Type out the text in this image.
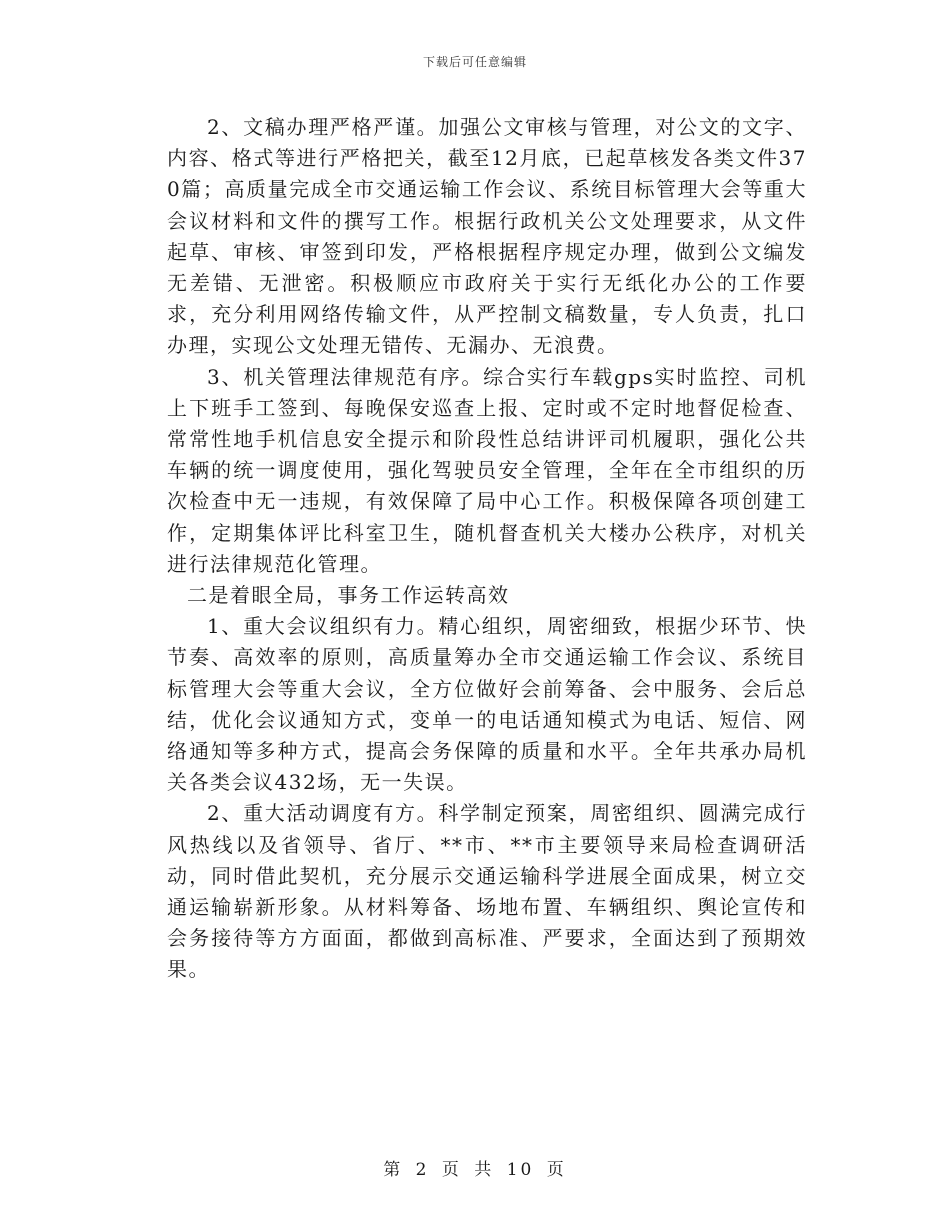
下载后可任意编辑

2、文稿办理严格严谨。加强公文审核与管理，对公文的文字、内容、格式等进行严格把关，截至12月底，已起草核发各类文件370篇；高质量完成全市交通运输工作会议、系统目标管理大会等重大会议材料和文件的撰写工作。根据行政机关公文处理要求，从文件起草、审核、审签到印发，严格根据程序规定办理，做到公文编发无差错、无泄密。积极顺应市政府关于实行无纸化办公的工作要求，充分利用网络传输文件，从严控制文稿数量，专人负责，扎口办理，实现公文处理无错传、无漏办、无浪费。

3、机关管理法律规范有序。综合实行车载gps实时监控、司机上下班手工签到、每晚保安巡查上报、定时或不定时地督促检查、常常性地手机信息安全提示和阶段性总结讲评司机履职，强化公共车辆的统一调度使用，强化驾驶员安全管理，全年在全市组织的历次检查中无一违规，有效保障了局中心工作。积极保障各项创建工作，定期集体评比科室卫生，随机督查机关大楼办公秩序，对机关进行法律规范化管理。

二是着眼全局，事务工作运转高效

1、重大会议组织有力。精心组织，周密细致，根据少环节、快节奏、高效率的原则，高质量筹办全市交通运输工作会议、系统目标管理大会等重大会议，全方位做好会前筹备、会中服务、会后总结，优化会议通知方式，变单一的电话通知模式为电话、短信、网络通知等多种方式，提高会务保障的质量和水平。全年共承办局机关各类会议432场，无一失误。

2、重大活动调度有方。科学制定预案，周密组织、圆满完成行风热线以及省领导、省厅、**市、**市主要领导来局检查调研活动，同时借此契机，充分展示交通运输科学进展全面成果，树立交通运输崭新形象。从材料筹备、场地布置、车辆组织、舆论宣传和会务接待等方方面面，都做到高标准、严要求，全面达到了预期效果。

第 2 页 共 10 页
